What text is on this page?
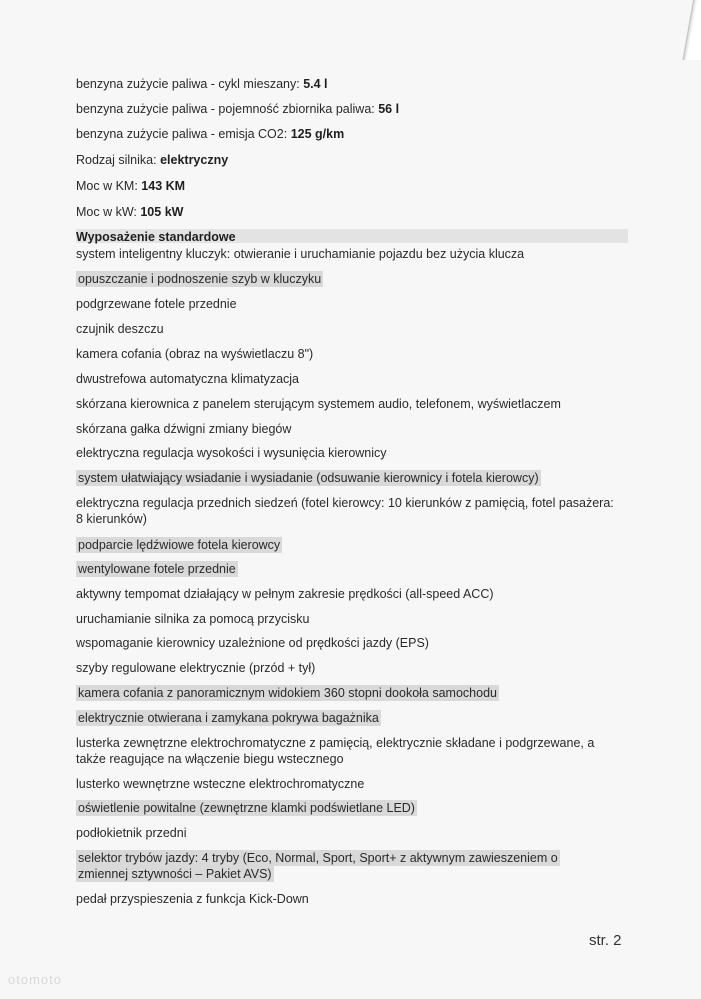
benzyna zużycie paliwa - cykl mieszany: 5.4 l
benzyna zużycie paliwa - pojemność zbiornika paliwa: 56 l
benzyna zużycie paliwa - emisja CO2: 125 g/km
Rodzaj silnika: elektryczny
Moc w KM: 143 KM
Moc w kW: 105 kW
Wyposażenie standardowe
system inteligentny kluczyk: otwieranie i uruchamianie pojazdu bez użycia klucza
opuszczanie i podnoszenie szyb w kluczyku
podgrzewane fotele przednie
czujnik deszczu
kamera cofania (obraz na wyświetlaczu 8")
dwustrefowa automatyczna klimatyzacja
skórzana kierownica z panelem sterującym systemem audio, telefonem, wyświetlaczem
skórzana gałka dźwigni zmiany biegów
elektryczna regulacja wysokości i wysunięcia kierownicy
system ułatwiający wsiadanie i wysiadanie (odsuwanie kierownicy i fotela kierowcy)
elektryczna regulacja przednich siedzeń (fotel kierowcy: 10 kierunków z pamięcią, fotel pasażera: 8 kierunków)
podparcie lędźwiowe fotela kierowcy
wentylowane fotele przednie
aktywny tempomat działający w pełnym zakresie prędkości (all-speed ACC)
uruchamianie silnika za pomocą przycisku
wspomaganie kierownicy uzależnione od prędkości jazdy (EPS)
szyby regulowane elektrycznie (przód + tył)
kamera cofania z panoramicznym widokiem 360 stopni dookoła samochodu
elektrycznie otwierana i zamykana pokrywa bagażnika
lusterka zewnętrzne elektrochromatyczne z pamięcią, elektrycznie składane i podgrzewane, a także reagujące na włączenie biegu wstecznego
lusterko wewnętrzne wsteczne elektrochromatyczne
oświetlenie powitalne (zewnętrzne klamki podświetlane LED)
podłokietnik przedni
selektor trybów jazdy: 4 tryby (Eco, Normal, Sport, Sport+ z aktywnym zawieszeniem o zmiennej sztywności – Pakiet AVS)
pedał przyspieszenia z funkcja Kick-Down
str. 2
otomoto
